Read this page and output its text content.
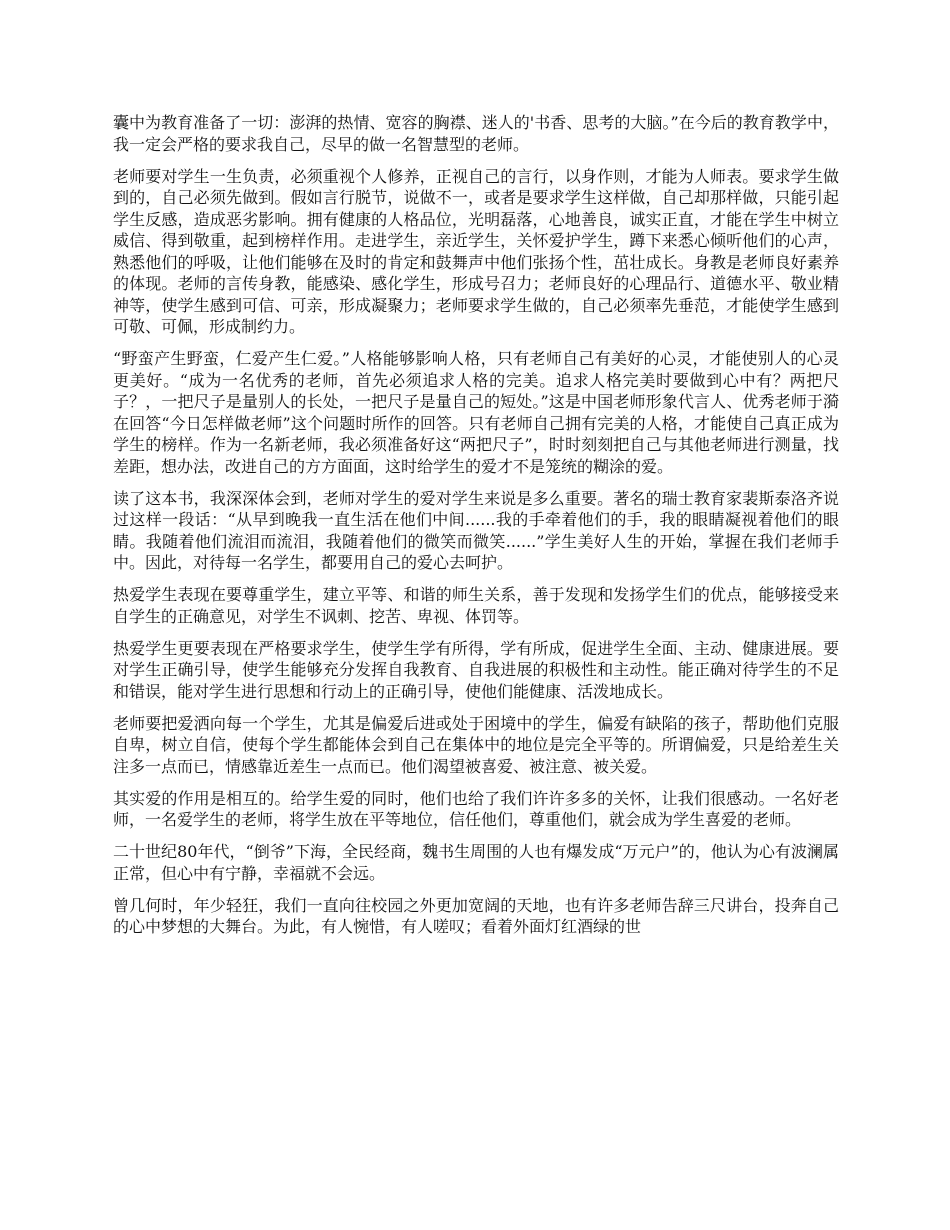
囊中为教育准备了一切：澎湃的热情、宽容的胸襟、迷人的'书香、思考的大脑。”在今后的教育教学中，我一定会严格的要求我自己，尽早的做一名智慧型的老师。

老师要对学生一生负责，必须重视个人修养，正视自己的言行，以身作则，才能为人师表。要求学生做到的，自己必须先做到。假如言行脱节，说做不一，或者是要求学生这样做，自己却那样做，只能引起学生反感，造成恶劣影响。拥有健康的人格品位，光明磊落，心地善良，诚实正直，才能在学生中树立威信、得到敬重，起到榜样作用。走进学生，亲近学生，关怀爱护学生，蹲下来悉心倾听他们的心声，熟悉他们的呼吸，让他们能够在及时的肯定和鼓舞声中他们张扬个性，茁壮成长。身教是老师良好素养的体现。老师的言传身教，能感染、感化学生，形成号召力；老师良好的心理品行、道德水平、敬业精神等，使学生感到可信、可亲，形成凝聚力；老师要求学生做的，自己必须率先垂范，才能使学生感到可敬、可佩，形成制约力。

“野蛮产生野蛮，仁爱产生仁爱。”人格能够影响人格，只有老师自己有美好的心灵，才能使别人的心灵更美好。“成为一名优秀的老师，首先必须追求人格的完美。追求人格完美时要做到心中有？两把尺子？，一把尺子是量别人的长处，一把尺子是量自己的短处。”这是中国老师形象代言人、优秀老师于漪在回答“今日怎样做老师”这个问题时所作的回答。只有老师自己拥有完美的人格，才能使自己真正成为学生的榜样。作为一名新老师，我必须准备好这“两把尺子”，时时刻刻把自己与其他老师进行测量，找差距，想办法，改进自己的方方面面，这时给学生的爱才不是笼统的糊涂的爱。

读了这本书，我深深体会到，老师对学生的爱对学生来说是多么重要。著名的瑞士教育家裴斯泰洛齐说过这样一段话：“从早到晚我一直生活在他们中间......我的手牵着他们的手，我的眼睛凝视着他们的眼睛。我随着他们流泪而流泪，我随着他们的微笑而微笑......”学生美好人生的开始，掌握在我们老师手中。因此，对待每一名学生，都要用自己的爱心去呵护。

热爱学生表现在要尊重学生，建立平等、和谐的师生关系，善于发现和发扬学生们的优点，能够接受来自学生的正确意见，对学生不讽刺、挖苦、卑视、体罚等。

热爱学生更要表现在严格要求学生，使学生学有所得，学有所成，促进学生全面、主动、健康进展。要对学生正确引导，使学生能够充分发挥自我教育、自我进展的积极性和主动性。能正确对待学生的不足和错误，能对学生进行思想和行动上的正确引导，使他们能健康、活泼地成长。

老师要把爱洒向每一个学生，尤其是偏爱后进或处于困境中的学生，偏爱有缺陷的孩子，帮助他们克服自卑，树立自信，使每个学生都能体会到自己在集体中的地位是完全平等的。所谓偏爱，只是给差生关注多一点而已，情感靠近差生一点而已。他们渴望被喜爱、被注意、被关爱。

其实爱的作用是相互的。给学生爱的同时，他们也给了我们许许多多的关怀，让我们很感动。一名好老师，一名爱学生的老师，将学生放在平等地位，信任他们，尊重他们，就会成为学生喜爱的老师。

二十世纪80年代，“倒爷”下海，全民经商，魏书生周围的人也有爆发成“万元户”的，他认为心有波澜属正常，但心中有宁静，幸福就不会远。

曾几何时，年少轻狂，我们一直向往校园之外更加宽阔的天地，也有许多老师告辞三尺讲台，投奔自己的心中梦想的大舞台。为此，有人惋惜，有人嗟叹；看着外面灯红酒绿的世
